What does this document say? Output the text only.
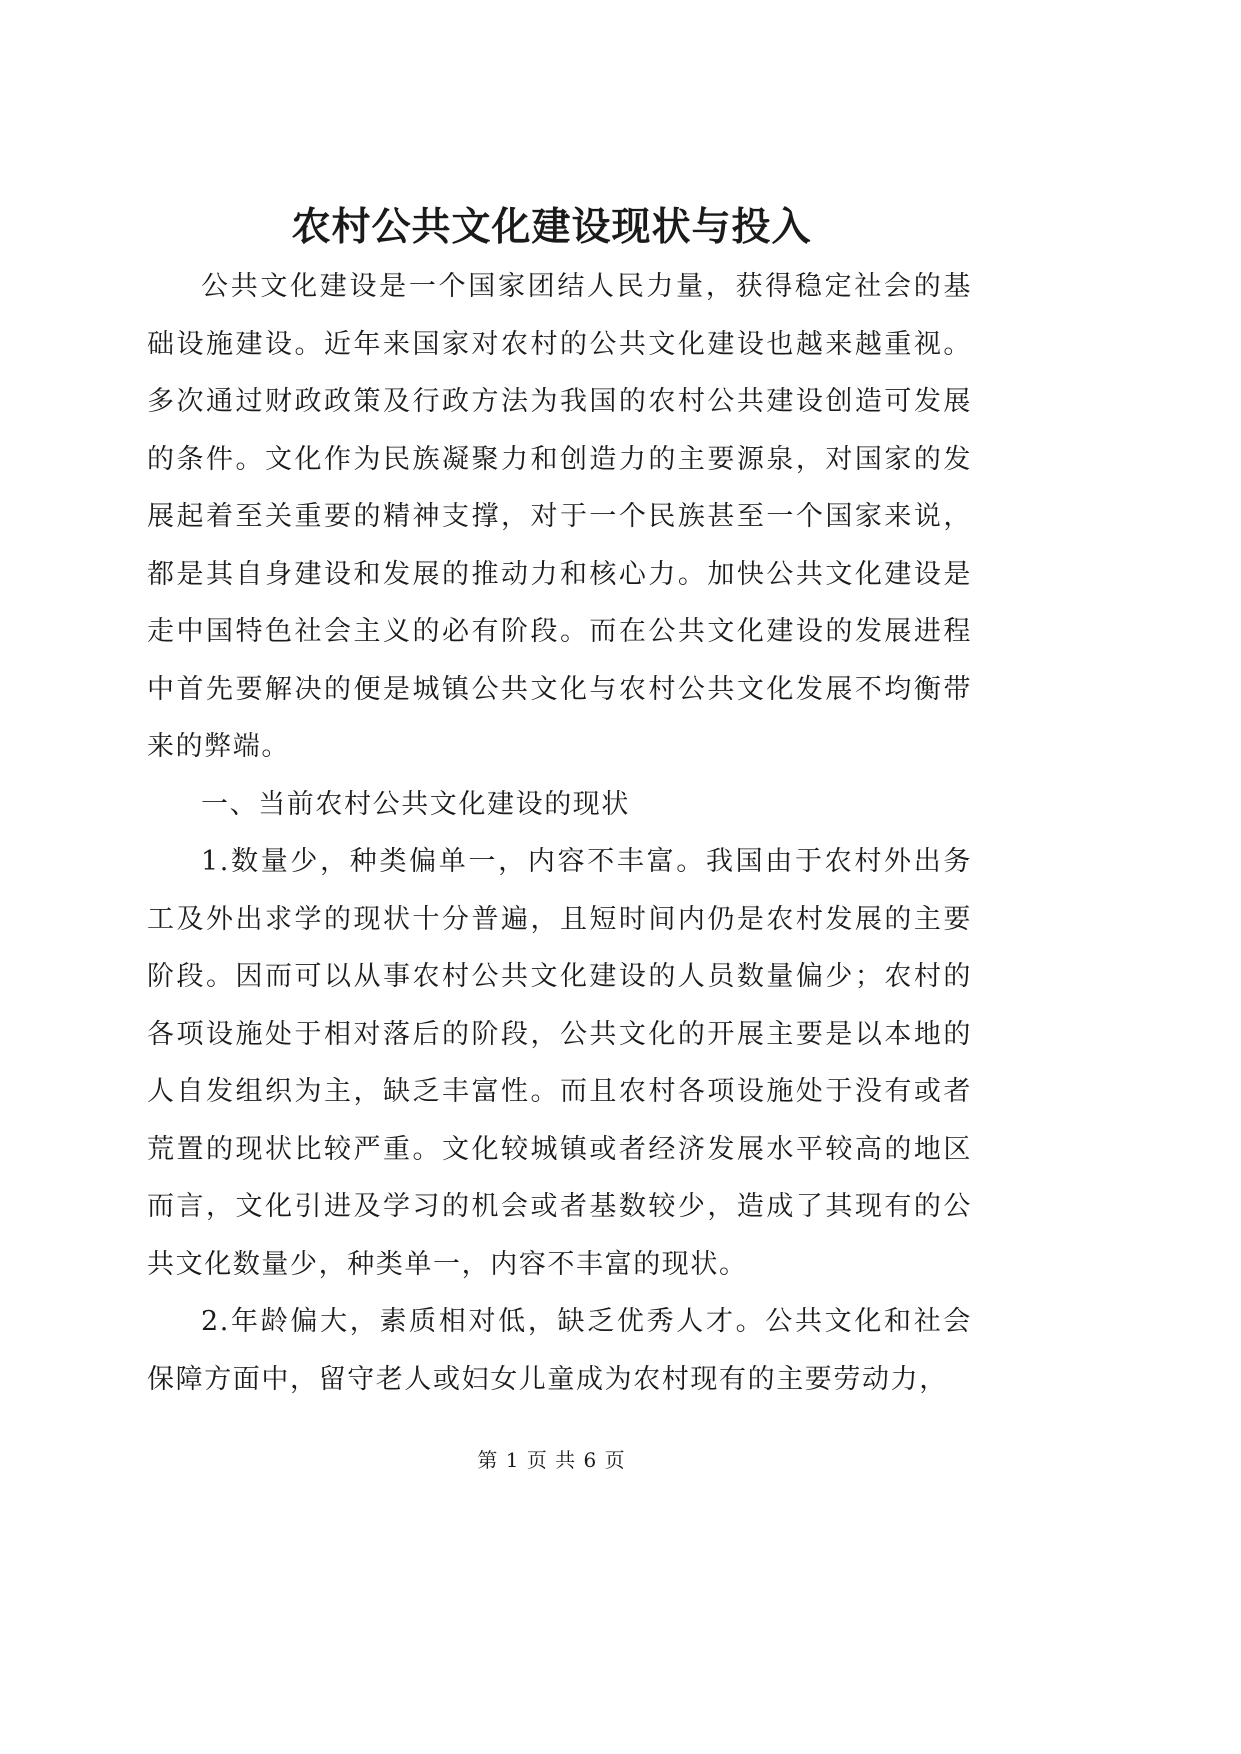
农村公共文化建设现状与投入

公共文化建设是一个国家团结人民力量，获得稳定社会的基础设施建设。近年来国家对农村的公共文化建设也越来越重视。多次通过财政政策及行政方法为我国的农村公共建设创造可发展的条件。文化作为民族凝聚力和创造力的主要源泉，对国家的发展起着至关重要的精神支撑，对于一个民族甚至一个国家来说，都是其自身建设和发展的推动力和核心力。加快公共文化建设是走中国特色社会主义的必有阶段。而在公共文化建设的发展进程中首先要解决的便是城镇公共文化与农村公共文化发展不均衡带来的弊端。

一、当前农村公共文化建设的现状

1.数量少，种类偏单一，内容不丰富。我国由于农村外出务工及外出求学的现状十分普遍，且短时间内仍是农村发展的主要阶段。因而可以从事农村公共文化建设的人员数量偏少；农村的各项设施处于相对落后的阶段，公共文化的开展主要是以本地的人自发组织为主，缺乏丰富性。而且农村各项设施处于没有或者荒置的现状比较严重。文化较城镇或者经济发展水平较高的地区而言，文化引进及学习的机会或者基数较少，造成了其现有的公共文化数量少，种类单一，内容不丰富的现状。

2.年龄偏大，素质相对低，缺乏优秀人才。公共文化和社会保障方面中，留守老人或妇女儿童成为农村现有的主要劳动力，

第 1 页 共 6 页
